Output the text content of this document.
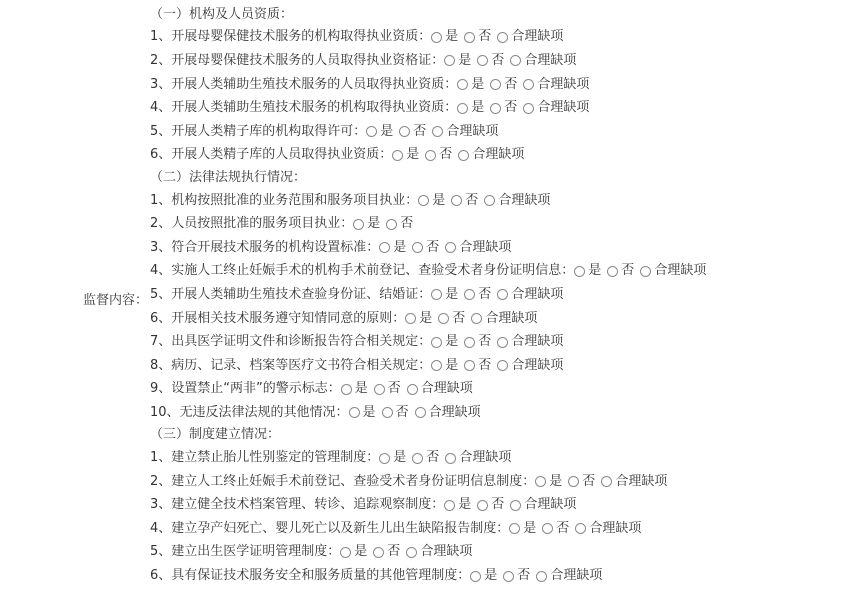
监督内容：
（一）机构及人员资质：
1、开展母婴保健技术服务的机构取得执业资质： 是 否 合理缺项
2、开展母婴保健技术服务的人员取得执业资格证： 是 否 合理缺项
3、开展人类辅助生殖技术服务的人员取得执业资质： 是 否 合理缺项
4、开展人类辅助生殖技术服务的机构取得执业资质： 是 否 合理缺项
5、开展人类精子库的机构取得许可： 是 否 合理缺项
6、开展人类精子库的人员取得执业资质： 是 否 合理缺项
（二）法律法规执行情况：
1、机构按照批准的业务范围和服务项目执业： 是 否 合理缺项
2、人员按照批准的服务项目执业： 是 否
3、符合开展技术服务的机构设置标准： 是 否 合理缺项
4、实施人工终止妊娠手术的机构手术前登记、查验受术者身份证明信息： 是 否 合理缺项
5、开展人类辅助生殖技术查验身份证、结婚证： 是 否 合理缺项
6、开展相关技术服务遵守知情同意的原则： 是 否 合理缺项
7、出具医学证明文件和诊断报告符合相关规定： 是 否 合理缺项
8、病历、记录、档案等医疗文书符合相关规定： 是 否 合理缺项
9、设置禁止“两非”的警示标志： 是 否 合理缺项
10、无违反法律法规的其他情况： 是 否 合理缺项
（三）制度建立情况：
1、建立禁止胎儿性别鉴定的管理制度： 是 否 合理缺项
2、建立人工终止妊娠手术前登记、查验受术者身份证明信息制度： 是 否 合理缺项
3、建立健全技术档案管理、转诊、追踪观察制度： 是 否 合理缺项
4、建立孕产妇死亡、婴儿死亡以及新生儿出生缺陷报告制度： 是 否 合理缺项
5、建立出生医学证明管理制度： 是 否 合理缺项
6、具有保证技术服务安全和服务质量的其他管理制度： 是 否 合理缺项
